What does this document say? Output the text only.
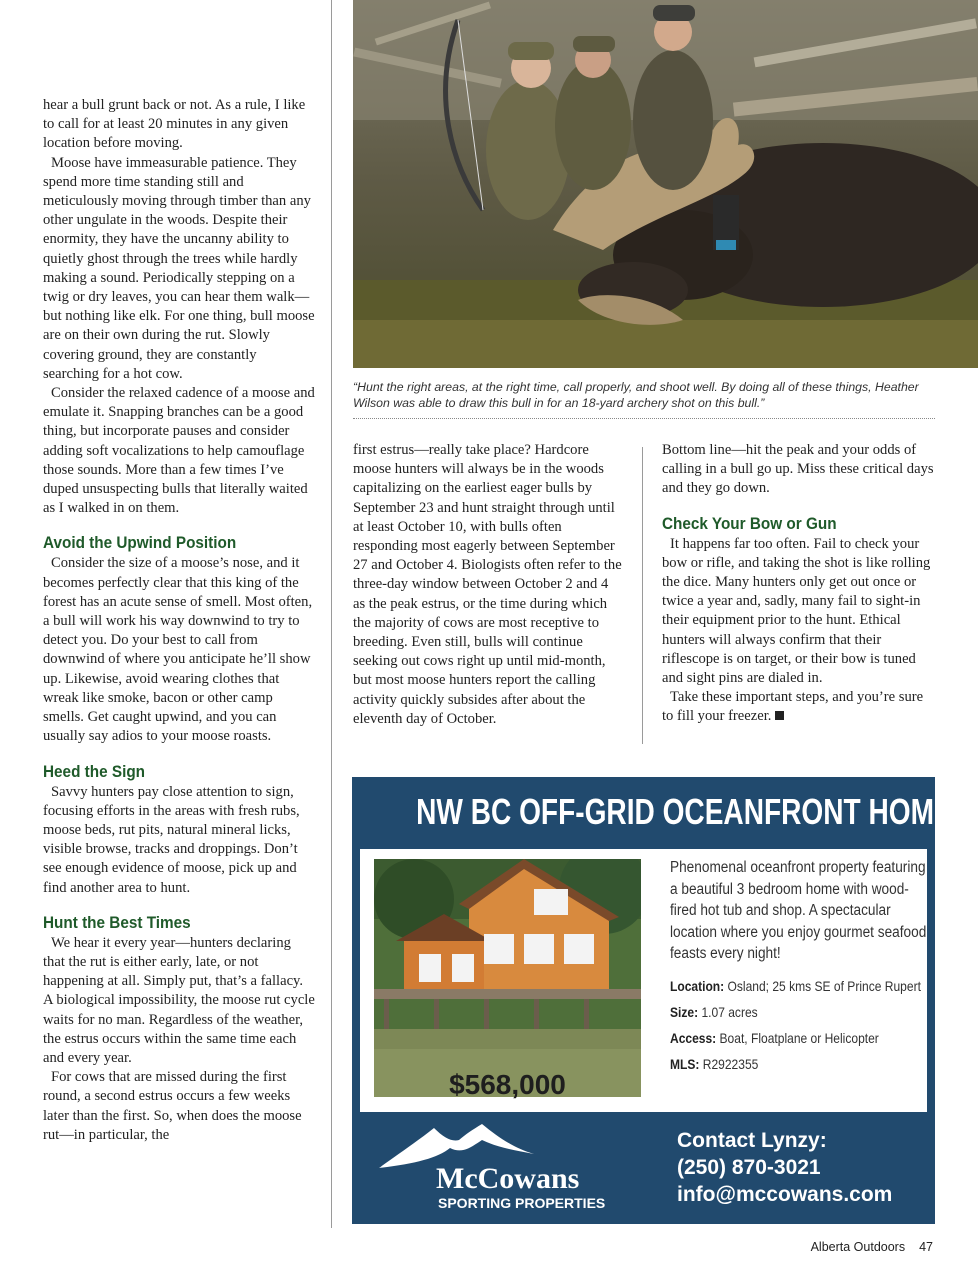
hear a bull grunt back or not. As a rule, I like to call for at least 20 minutes in any given location before moving.

Moose have immeasurable patience. They spend more time standing still and meticulously moving through timber than any other ungulate in the woods. Despite their enormity, they have the uncanny ability to quietly ghost through the trees while hardly making a sound. Periodically stepping on a twig or dry leaves, you can hear them walk—but nothing like elk. For one thing, bull moose are on their own during the rut. Slowly covering ground, they are constantly searching for a hot cow.

Consider the relaxed cadence of a moose and emulate it. Snapping branches can be a good thing, but incorporate pauses and consider adding soft vocalizations to help camouflage those sounds. More than a few times I’ve duped unsuspecting bulls that literally waited as I walked in on them.

Avoid the Upwind Position

Consider the size of a moose’s nose, and it becomes perfectly clear that this king of the forest has an acute sense of smell. Most often, a bull will work his way downwind to try to detect you. Do your best to call from downwind of where you anticipate he’ll show up. Likewise, avoid wearing clothes that wreak like smoke, bacon or other camp smells. Get caught upwind, and you can usually say adios to your moose roasts.

Heed the Sign

Savvy hunters pay close attention to sign, focusing efforts in the areas with fresh rubs, moose beds, rut pits, natural mineral licks, visible browse, tracks and droppings. Don’t see enough evidence of moose, pick up and find another area to hunt.

Hunt the Best Times

We hear it every year—hunters declaring that the rut is either early, late, or not happening at all. Simply put, that’s a fallacy. A biological impossibility, the moose rut cycle waits for no man. Regardless of the weather, the estrus occurs within the same time each and every year.

For cows that are missed during the first round, a second estrus occurs a few weeks later than the first. So, when does the moose rut—in particular, the

“Hunt the right areas, at the right time, call properly, and shoot well. By doing all of these things, Heather Wilson was able to draw this bull in for an 18-yard archery shot on this bull.”

first estrus—really take place? Hardcore moose hunters will always be in the woods capitalizing on the earliest eager bulls by September 23 and hunt straight through until at least October 10, with bulls often responding most eagerly between September 27 and October 4. Biologists often refer to the three-day window between October 2 and 4 as the peak estrus, or the time during which the majority of cows are most receptive to breeding. Even still, bulls will continue seeking out cows right up until mid-month, but most moose hunters report the calling activity quickly subsides after about the eleventh day of October.

Bottom line—hit the peak and your odds of calling in a bull go up. Miss these critical days and they go down.

Check Your Bow or Gun

It happens far too often. Fail to check your bow or rifle, and taking the shot is like rolling the dice. Many hunters only get out once or twice a year and, sadly, many fail to sight-in their equipment prior to the hunt. Ethical hunters will always confirm that their riflescope is on target, or their bow is tuned and sight pins are dialed in.

Take these important steps, and you’re sure to fill your freezer.

NW BC OFF-GRID OCEANFRONT HOME
$568,000
Phenomenal oceanfront property featuring a beautiful 3 bedroom home with wood-fired hot tub and shop. A spectacular location where you enjoy gourmet seafood feasts every night!
Location: Osland; 25 kms SE of Prince Rupert
Size: 1.07 acres
Access: Boat, Floatplane or Helicopter
MLS: R2922355
McCowans
SPORTING PROPERTIES
Contact Lynzy:
(250) 870-3021
info@mccowans.com
Alberta Outdoors 47
